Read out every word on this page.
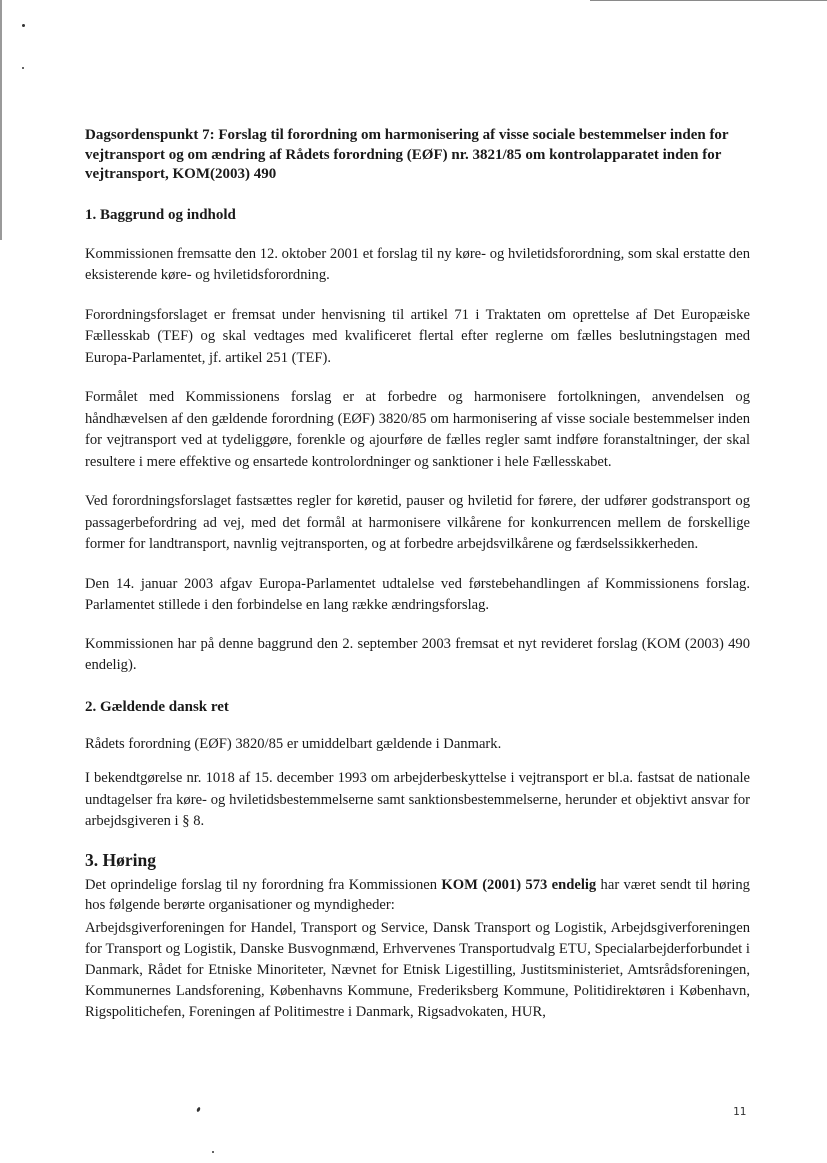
Dagsordenspunkt 7: Forslag til forordning om harmonisering af visse sociale bestemmelser inden for vejtransport og om ændring af Rådets forordning (EØF) nr. 3821/85 om kontrolapparatet inden for vejtransport, KOM(2003) 490
1. Baggrund og indhold

Kommissionen fremsatte den 12. oktober 2001 et forslag til ny køre- og hviletidsforordning, som skal erstatte den eksisterende køre- og hviletidsforordning.

Forordningsforslaget er fremsat under henvisning til artikel 71 i Traktaten om oprettelse af Det Europæiske Fællesskab (TEF) og skal vedtages med kvalificeret flertal efter reglerne om fælles beslutningstagen med Europa-Parlamentet, jf. artikel 251 (TEF).

Formålet med Kommissionens forslag er at forbedre og harmonisere fortolkningen, anvendelsen og håndhævelsen af den gældende forordning (EØF) 3820/85 om harmonisering af visse sociale bestemmelser inden for vejtransport ved at tydeliggøre, forenkle og ajourføre de fælles regler samt indføre foranstaltninger, der skal resultere i mere effektive og ensartede kontrolordninger og sanktioner i hele Fællesskabet.

Ved forordningsforslaget fastsættes regler for køretid, pauser og hviletid for førere, der udfører godstransport og passagerbefordring ad vej, med det formål at harmonisere vilkårene for konkurrencen mellem de forskellige former for landtransport, navnlig vejtransporten, og at forbedre arbejdsvilkårene og færdselssikkerheden.

Den 14. januar 2003 afgav Europa-Parlamentet udtalelse ved førstebehandlingen af Kommissionens forslag. Parlamentet stillede i den forbindelse en lang række ændringsforslag.

Kommissionen har på denne baggrund den 2. september 2003 fremsat et nyt revideret forslag (KOM (2003) 490 endelig).

2. Gældende dansk ret

Rådets forordning (EØF) 3820/85 er umiddelbart gældende i Danmark.

I bekendtgørelse nr. 1018 af 15. december 1993 om arbejderbeskyttelse i vejtransport er bl.a. fastsat de nationale undtagelser fra køre- og hviletidsbestemmelserne samt sanktionsbestemmelserne, herunder et objektivt ansvar for arbejdsgiveren i § 8.

3. Høring

Det oprindelige forslag til ny forordning fra Kommissionen KOM (2001) 573 endelig har været sendt til høring hos følgende berørte organisationer og myndigheder:

Arbejdsgiverforeningen for Handel, Transport og Service, Dansk Transport og Logistik, Arbejdsgiverforeningen for Transport og Logistik, Danske Busvognmænd, Erhvervenes Transportudvalg ETU, Specialarbejderforbundet i Danmark, Rådet for Etniske Minoriteter, Nævnet for Etnisk Ligestilling, Justitsministeriet, Amtsrådsforeningen, Kommunernes Landsforening, Københavns Kommune, Frederiksberg Kommune, Politidirektøren i København, Rigspolitichefen, Foreningen af Politimestre i Danmark, Rigsadvokaten, HUR,

11
